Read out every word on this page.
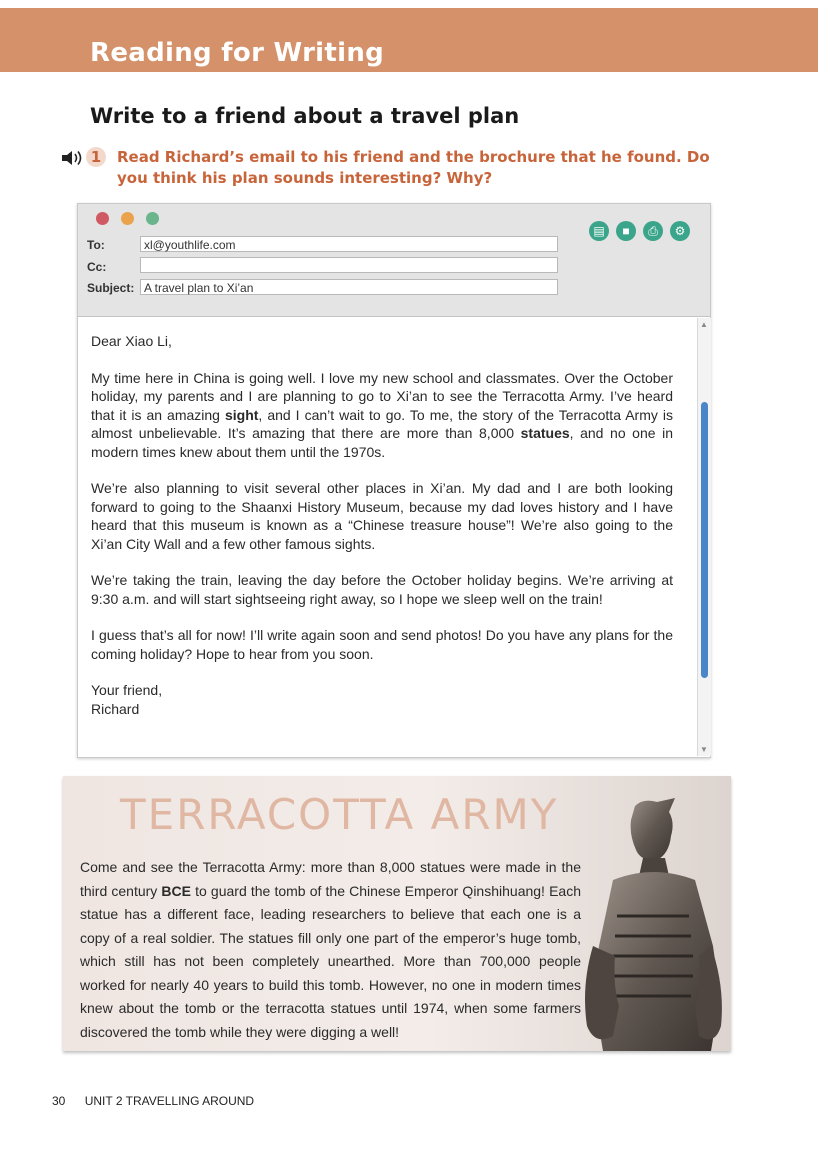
Reading for Writing
Write to a friend about a travel plan
1	Read Richard’s email to his friend and the brochure that he found. Do you think his plan sounds interesting? Why?
▤	■	⎙	⚙
To:	xl@youthlife.com
Cc:
Subject: A travel plan to Xi’an

Dear Xiao Li,

My time here in China is going well. I love my new school and classmates. Over the October holiday, my parents and I are planning to go to Xi’an to see the Terracotta Army. I’ve heard that it is an amazing sight, and I can’t wait to go. To me, the story of the Terracotta Army is almost unbelievable. It’s amazing that there are more than 8,000 statues, and no one in modern times knew about them until the 1970s.

We’re also planning to visit several other places in Xi’an. My dad and I are both looking forward to going to the Shaanxi History Museum, because my dad loves history and I have heard that this museum is known as a “Chinese treasure house”! We’re also going to the Xi’an City Wall and a few other famous sights.

We’re taking the train, leaving the day before the October holiday begins. We’re arriving at 9:30 a.m. and will start sightseeing right away, so I hope we sleep well on the train!

I guess that’s all for now! I’ll write again soon and send photos! Do you have any plans for the coming holiday? Hope to hear from you soon.

Your friend,

Richard

▲
▼
TERRACOTTA ARMY
Come and see the Terracotta Army: more than 8,000 statues were made in the third century BCE to guard the tomb of the Chinese Emperor Qinshihuang! Each statue has a different face, leading researchers to believe that each one is a copy of a real soldier. The statues fill only one part of the emperor’s huge tomb, which still has not been completely unearthed. More than 700,000 people worked for nearly 40 years to build this tomb. However, no one in modern times knew about the tomb or the terracotta statues until 1974, when some farmers discovered the tomb while they were digging a well!
30 UNIT 2 TRAVELLING AROUND
